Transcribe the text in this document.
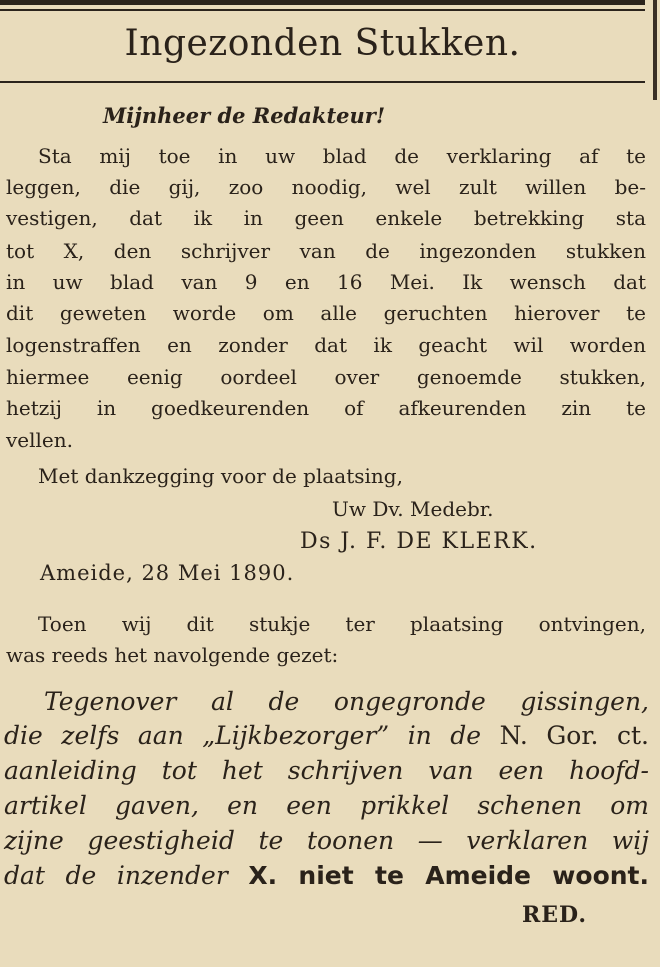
Ingezonden Stukken.
Mijnheer de Redakteur!
Sta mij toe in uw blad de verklaring af te
leggen, die gij, zoo noodig, wel zult willen be-
vestigen, dat ik in geen enkele betrekking sta
tot X, den schrijver van de ingezonden stukken
in uw blad van 9 en 16 Mei. Ik wensch dat
dit geweten worde om alle geruchten hierover te
logenstraffen en zonder dat ik geacht wil worden
hiermee eenig oordeel over genoemde stukken,
hetzij in goedkeurenden of afkeurenden zin te
vellen.
Met dankzegging voor de plaatsing,
Uw Dv. Medebr.
Ds J. F. DE KLERK.
Ameide, 28 Mei 1890.
Toen wij dit stukje ter plaatsing ontvingen,
was reeds het navolgende gezet:
Tegenover al de ongegronde gissingen,
die zelfs aan „Lijkbezorger” in de N. Gor. ct.
aanleiding tot het schrijven van een hoofd-
artikel gaven, en een prikkel schenen om
zijne geestigheid te toonen — verklaren wij
dat de inzender X. niet te Ameide woont.
RED.
